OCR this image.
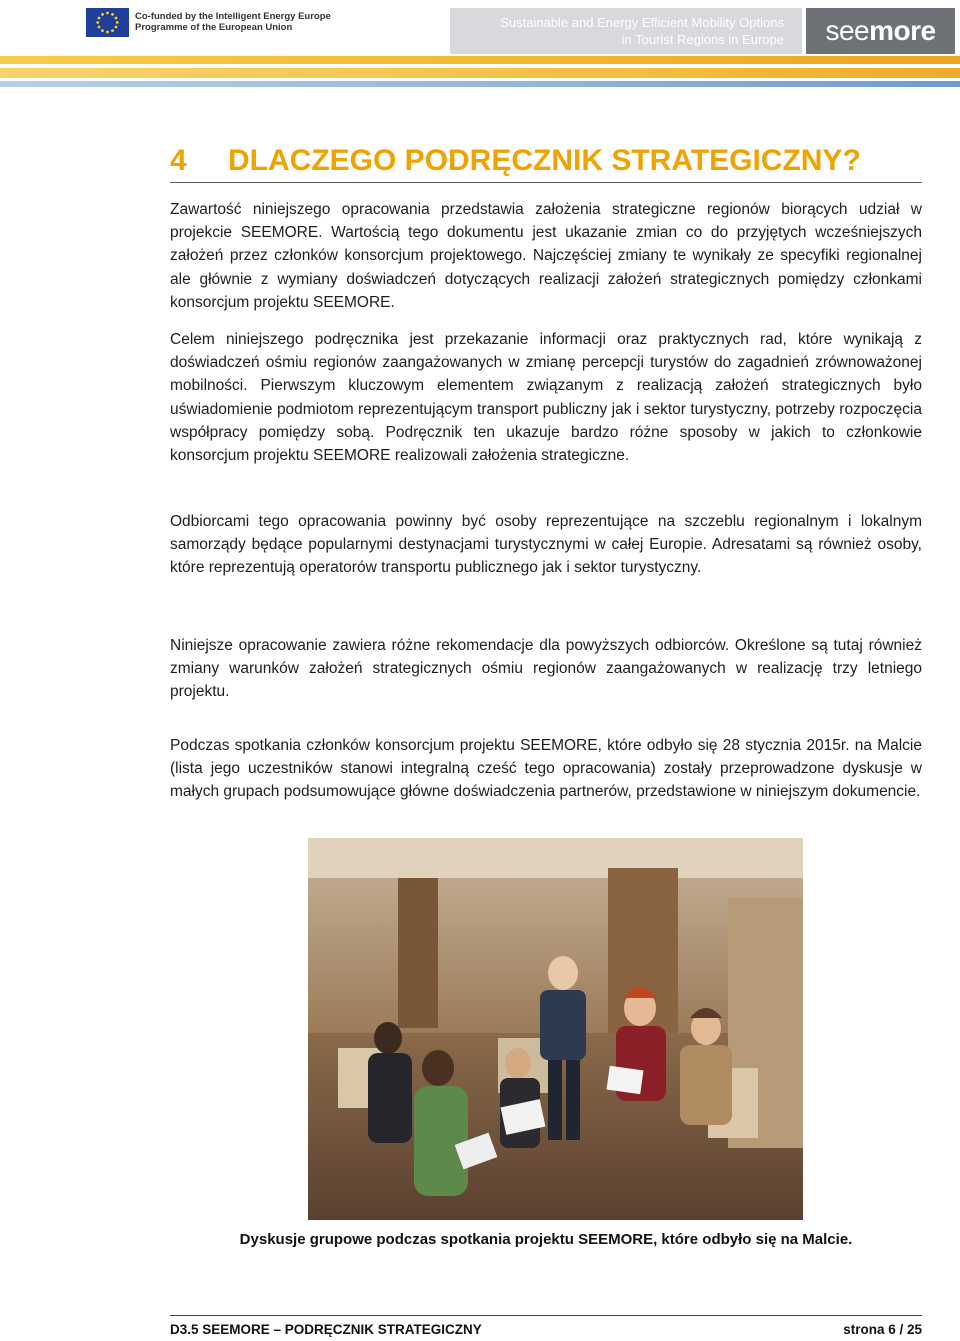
Co-funded by the Intelligent Energy Europe
Programme of the European Union	Sustainable and Energy Efficient Mobility Options
in Tourist Regions in Europe	seemore
4 DLACZEGO PODRĘCZNIK STRATEGICZNY?

Zawartość niniejszego opracowania przedstawia założenia strategiczne regionów biorących udział w projekcie SEEMORE. Wartością tego dokumentu jest ukazanie zmian co do przyjętych wcześniejszych założeń przez członków konsorcjum projektowego. Najczęściej zmiany te wynikały ze specyfiki regionalnej ale głównie z wymiany doświadczeń dotyczących realizacji założeń strategicznych pomiędzy członkami konsorcjum projektu SEEMORE.

Celem niniejszego podręcznika jest przekazanie informacji oraz praktycznych rad, które wynikają z doświadczeń ośmiu regionów zaangażowanych w zmianę percepcji turystów do zagadnień zrównoważonej mobilności. Pierwszym kluczowym elementem związanym z realizacją założeń strategicznych było uświadomienie podmiotom reprezentującym transport publiczny jak i sektor turystyczny, potrzeby rozpoczęcia współpracy pomiędzy sobą. Podręcznik ten ukazuje bardzo różne sposoby w jakich to członkowie konsorcjum projektu SEEMORE realizowali założenia strategiczne.

Odbiorcami tego opracowania powinny być osoby reprezentujące na szczeblu regionalnym i lokalnym samorządy będące popularnymi destynacjami turystycznymi w całej Europie. Adresatami są również osoby, które reprezentują operatorów transportu publicznego jak i sektor turystyczny.

Niniejsze opracowanie zawiera różne rekomendacje dla powyższych odbiorców. Określone są tutaj również zmiany warunków założeń strategicznych ośmiu regionów zaangażowanych w realizację trzy letniego projektu.

Podczas spotkania członków konsorcjum projektu SEEMORE, które odbyło się 28 stycznia 2015r. na Malcie (lista jego uczestników stanowi integralną cześć tego opracowania) zostały przeprowadzone dyskusje w małych grupach podsumowujące główne doświadczenia partnerów, przedstawione w niniejszym dokumencie.

Dyskusje grupowe podczas spotkania projektu SEEMORE, które odbyło się na Malcie.

D3.5 SEEMORE – PODRĘCZNIK STRATEGICZNY	strona 6 / 25
